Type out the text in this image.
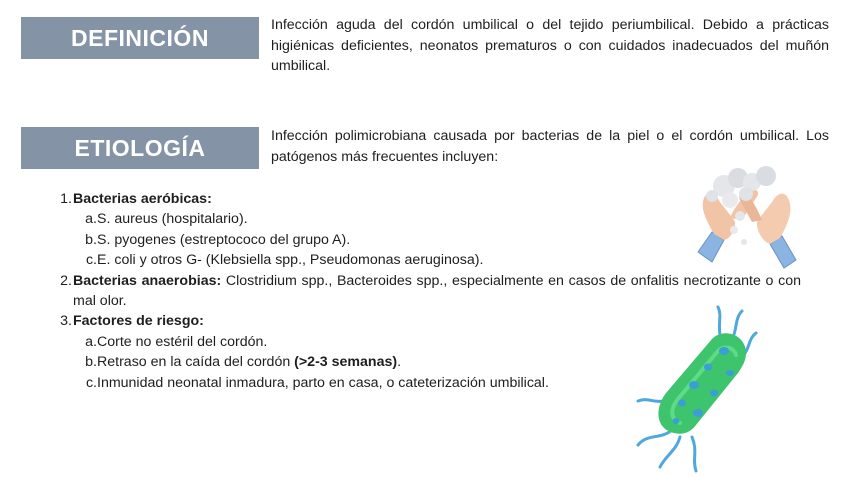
DEFINICIÓN	Infección aguda del cordón umbilical o del tejido periumbilical. Debido a prácticas higiénicas deficientes, neonatos prematuros o con cuidados inadecuados del muñón umbilical.
ETIOLOGÍA	Infección polimicrobiana causada por bacterias de la piel o el cordón umbilical. Los patógenos más frecuentes incluyen:
1. Bacterias aeróbicas:
a. S. aureus (hospitalario).
b. S. pyogenes (estreptococo del grupo A).
c. E. coli y otros G- (Klebsiella spp., Pseudomonas aeruginosa).
2. Bacterias anaerobias: Clostridium spp., Bacteroides spp., especialmente en casos de onfalitis necrotizante o con mal olor.
3. Factores de riesgo:
a. Corte no estéril del cordón.
b. Retraso en la caída del cordón (>2-3 semanas).
c. Inmunidad neonatal inmadura, parto en casa, o cateterización umbilical.
